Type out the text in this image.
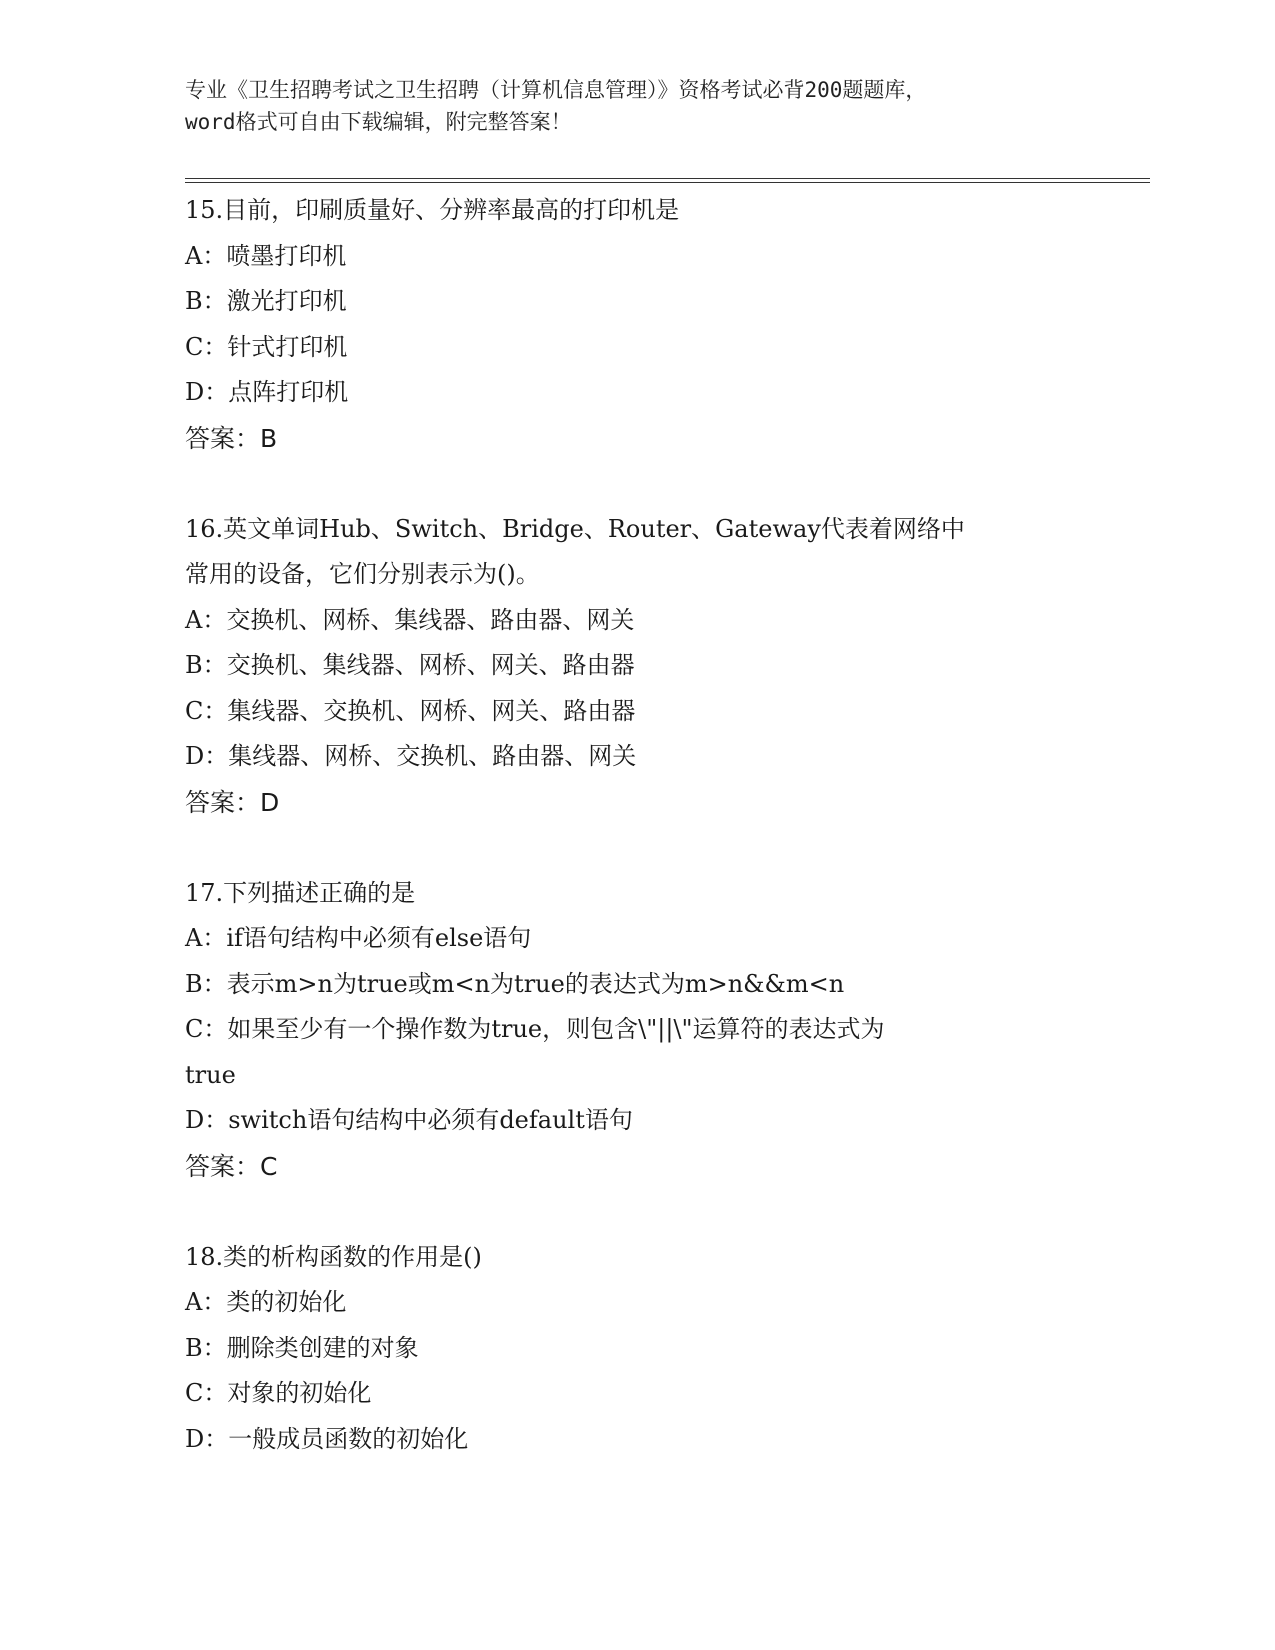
专业《卫生招聘考试之卫生招聘（计算机信息管理）》资格考试必背200题题库，
word格式可自由下载编辑，附完整答案！
15.目前，印刷质量好、分辨率最高的打印机是
A：喷墨打印机
B：激光打印机
C：针式打印机
D：点阵打印机
答案：B
16.英文单词Hub、Switch、Bridge、Router、Gateway代表着网络中
常用的设备，它们分别表示为()。
A：交换机、网桥、集线器、路由器、网关
B：交换机、集线器、网桥、网关、路由器
C：集线器、交换机、网桥、网关、路由器
D：集线器、网桥、交换机、路由器、网关
答案：D
17.下列描述正确的是
A：if语句结构中必须有else语句
B：表示m>n为true或m<n为true的表达式为m>n&&m<n
C：如果至少有一个操作数为true，则包含\"||\"运算符的表达式为
true
D：switch语句结构中必须有default语句
答案：C
18.类的析构函数的作用是()
A：类的初始化
B：删除类创建的对象
C：对象的初始化
D：一般成员函数的初始化
